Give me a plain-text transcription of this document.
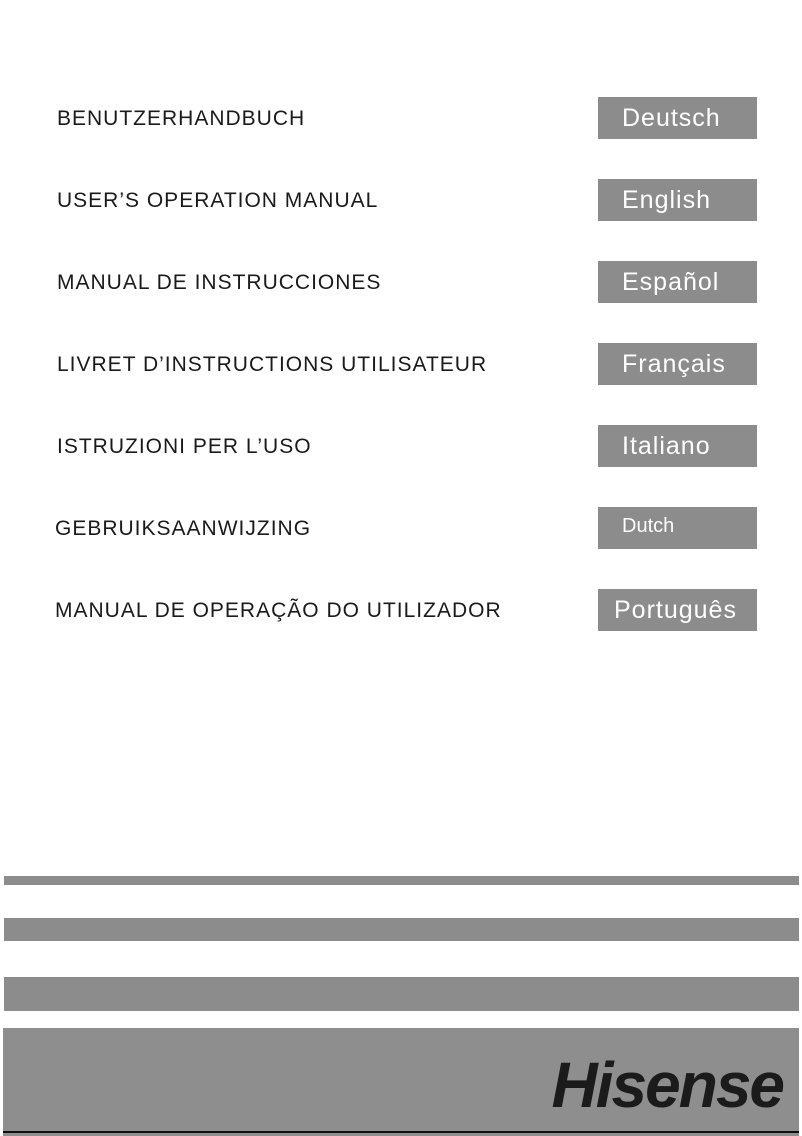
BENUTZERHANDBUCH	Deutsch
USER’S OPERATION MANUAL	English
MANUAL DE INSTRUCCIONES	Español
LIVRET D’INSTRUCTIONS UTILISATEUR	Français
ISTRUZIONI PER L’USO	Italiano
GEBRUIKSAANWIJZING	Dutch
MANUAL DE OPERAÇÃO DO UTILIZADOR	Português
Hisense
